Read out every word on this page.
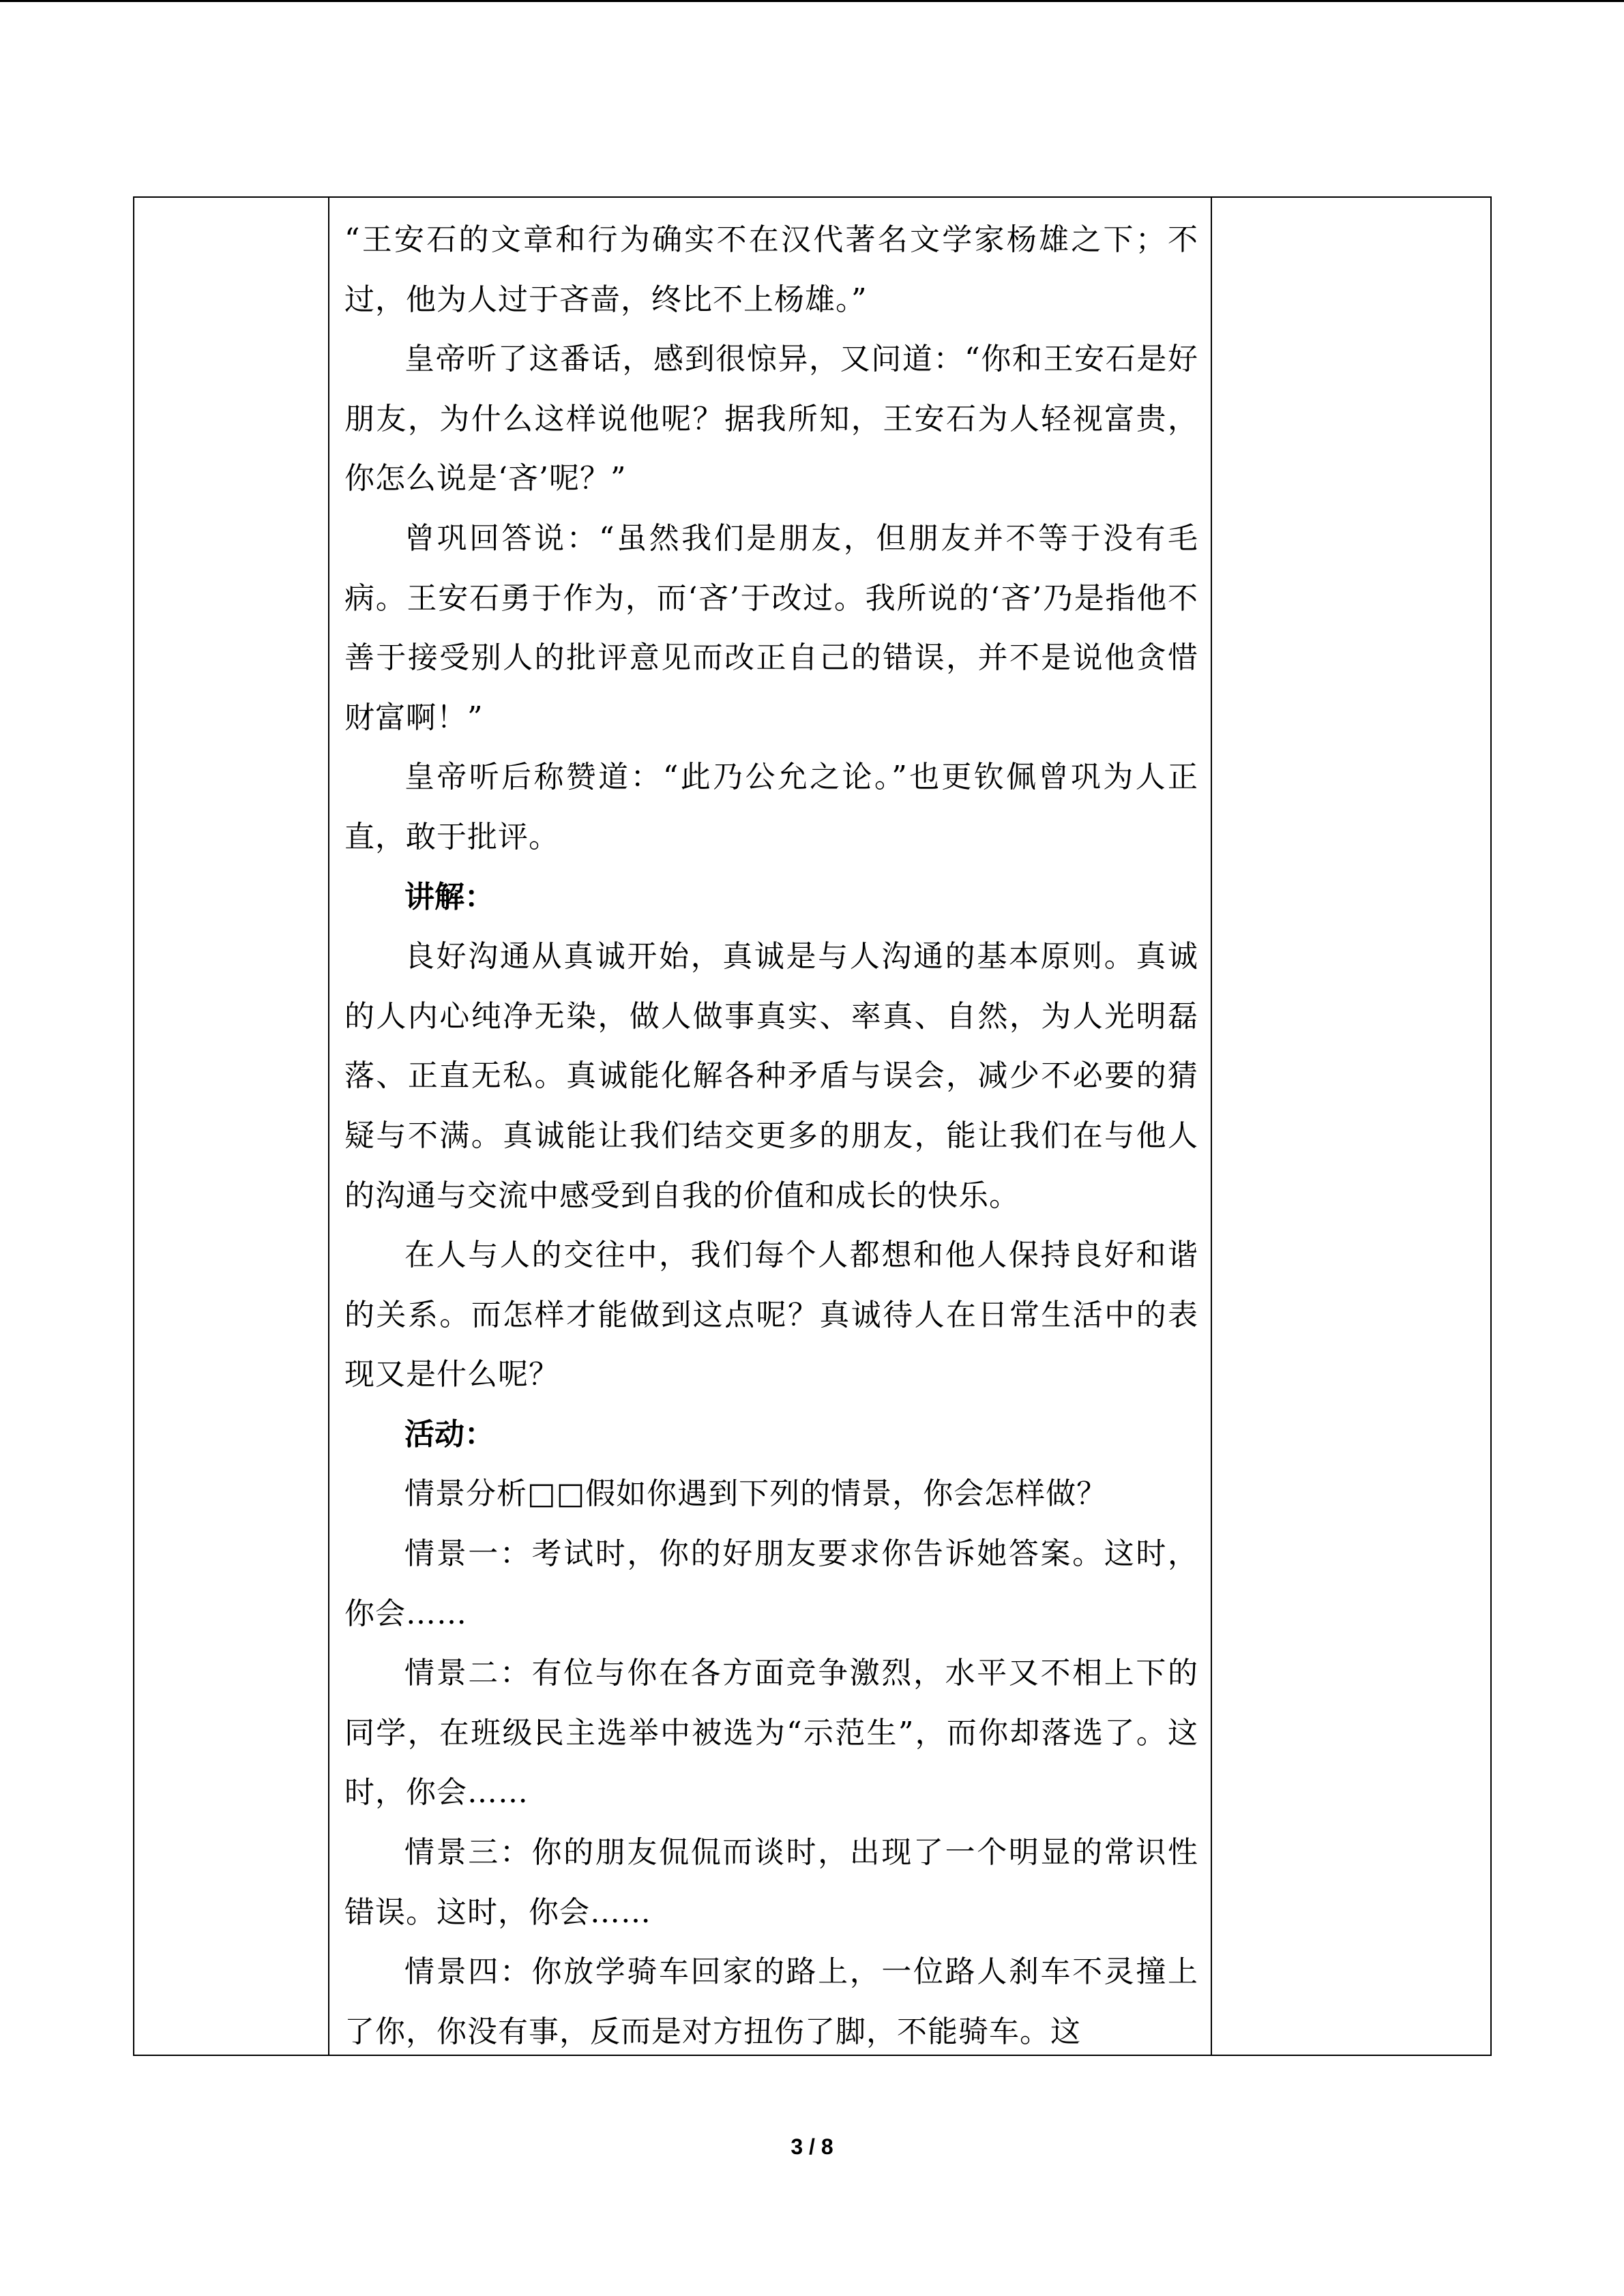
“王安石的文章和行为确实不在汉代著名文学家杨雄之下；不过，他为人过于吝啬，终比不上杨雄。”

皇帝听了这番话，感到很惊异，又问道：“你和王安石是好朋友，为什么这样说他呢？据我所知，王安石为人轻视富贵，你怎么说是‘吝’呢？”

曾巩回答说：“虽然我们是朋友，但朋友并不等于没有毛病。王安石勇于作为，而‘吝’于改过。我所说的‘吝’乃是指他不善于接受别人的批评意见而改正自己的错误，并不是说他贪惜财富啊！”

皇帝听后称赞道：“此乃公允之论。”也更钦佩曾巩为人正直，敢于批评。

讲解：

良好沟通从真诚开始，真诚是与人沟通的基本原则。真诚的人内心纯净无染，做人做事真实、率真、自然，为人光明磊落、正直无私。真诚能化解各种矛盾与误会，减少不必要的猜疑与不满。真诚能让我们结交更多的朋友，能让我们在与他人的沟通与交流中感受到自我的价值和成长的快乐。

在人与人的交往中，我们每个人都想和他人保持良好和谐的关系。而怎样才能做到这点呢？真诚待人在日常生活中的表现又是什么呢？

活动：

情景分析□□假如你遇到下列的情景，你会怎样做？

情景一：考试时，你的好朋友要求你告诉她答案。这时，你会……

情景二：有位与你在各方面竞争激烈，水平又不相上下的同学，在班级民主选举中被选为“示范生”，而你却落选了。这时，你会……

情景三：你的朋友侃侃而谈时，出现了一个明显的常识性错误。这时，你会……

情景四：你放学骑车回家的路上，一位路人刹车不灵撞上了你，你没有事，反而是对方扭伤了脚，不能骑车。这

3 / 8
